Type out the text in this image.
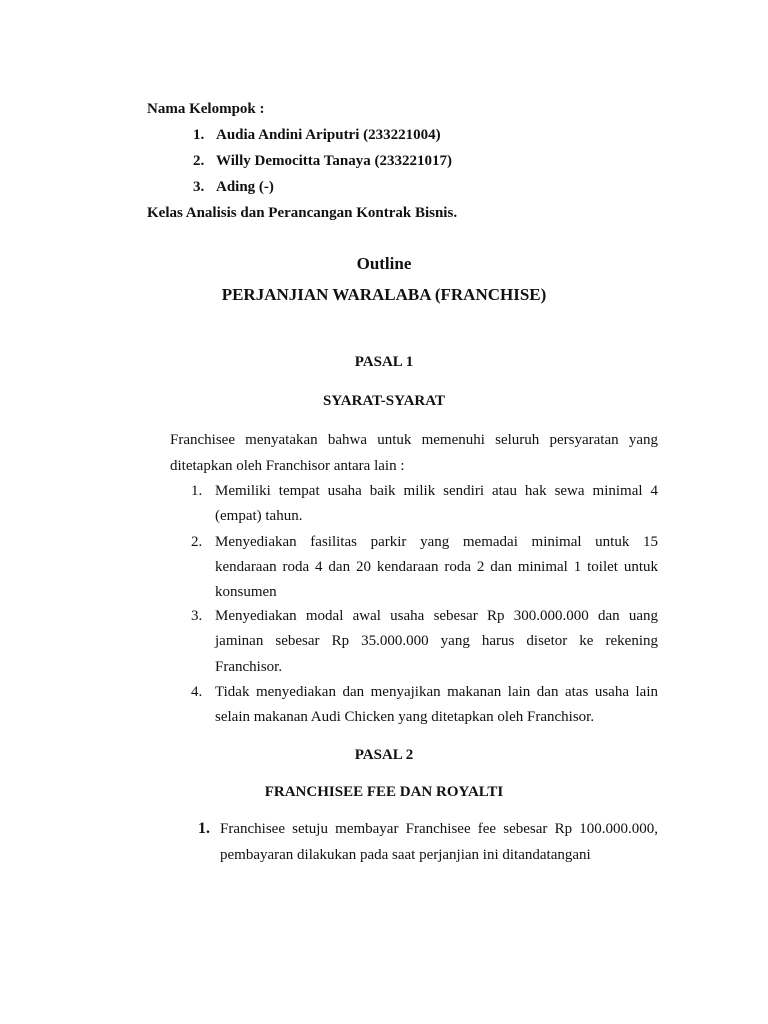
Nama Kelompok :
1. Audia Andini Ariputri (233221004)
2. Willy Democitta Tanaya (233221017)
3. Ading (-)
Kelas Analisis dan Perancangan Kontrak Bisnis.
Outline
PERJANJIAN WARALABA (FRANCHISE)
PASAL 1
SYARAT-SYARAT
Franchisee menyatakan bahwa untuk memenuhi seluruh persyaratan yang
ditetapkan oleh Franchisor antara lain :
1. Memiliki tempat usaha baik milik sendiri atau hak sewa minimal 4
(empat) tahun.
2. Menyediakan fasilitas parkir yang memadai minimal untuk 15
kendaraan roda 4 dan 20 kendaraan roda 2 dan minimal 1 toilet untuk
konsumen
3. Menyediakan modal awal usaha sebesar Rp 300.000.000 dan uang
jaminan sebesar Rp 35.000.000 yang harus disetor ke rekening
Franchisor.
4. Tidak menyediakan dan menyajikan makanan lain dan atas usaha lain
selain makanan Audi Chicken yang ditetapkan oleh Franchisor.
PASAL 2
FRANCHISEE FEE DAN ROYALTI
1. Franchisee setuju membayar Franchisee fee sebesar Rp 100.000.000,
pembayaran dilakukan pada saat perjanjian ini ditandatangani
